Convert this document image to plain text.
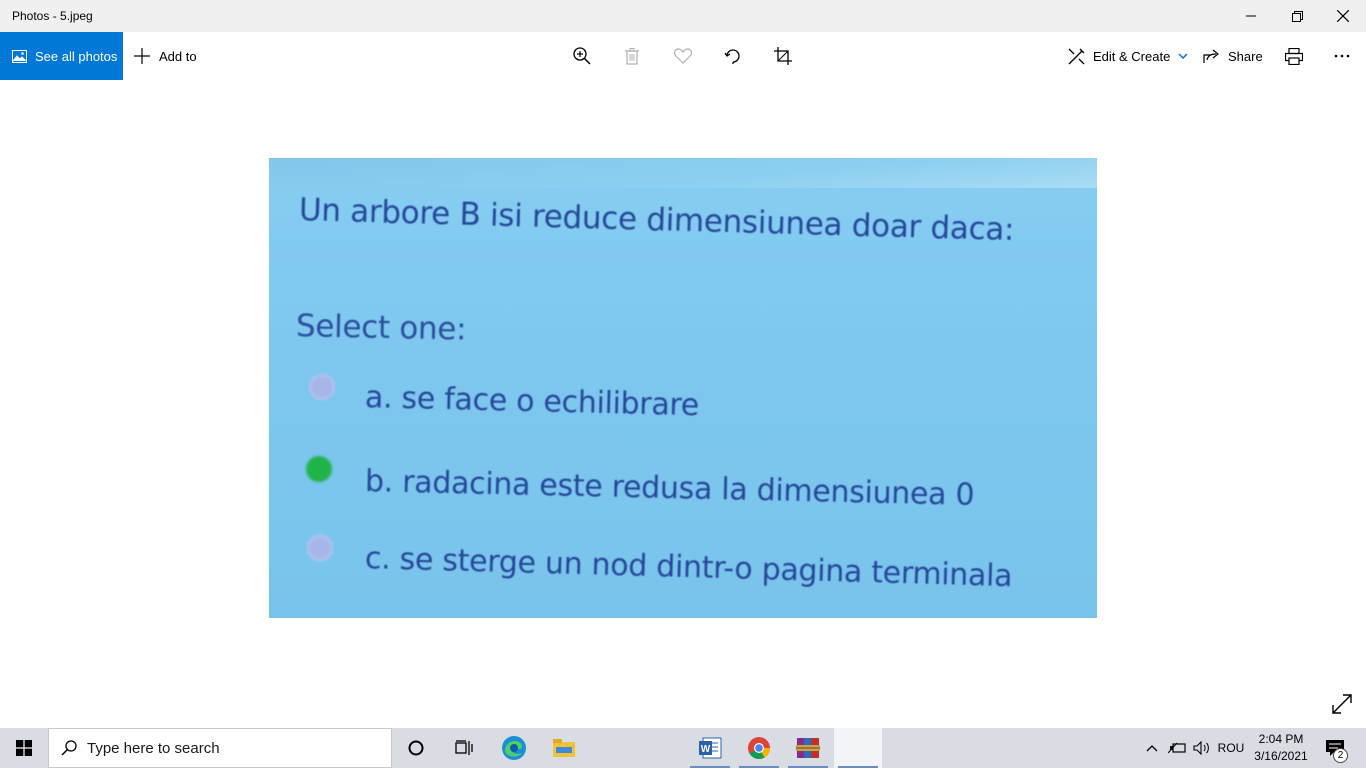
Photos - 5.jpeg
See all photos	Add to	Edit & Create	Share
Un arbore B isi reduce dimensiunea doar daca:
Select one:
a. se face o echilibrare
b. radacina este redusa la dimensiunea 0
c. se sterge un nod dintr-o pagina terminala
Type here to search
W	ROU
2:04 PM
3/16/2021	2
